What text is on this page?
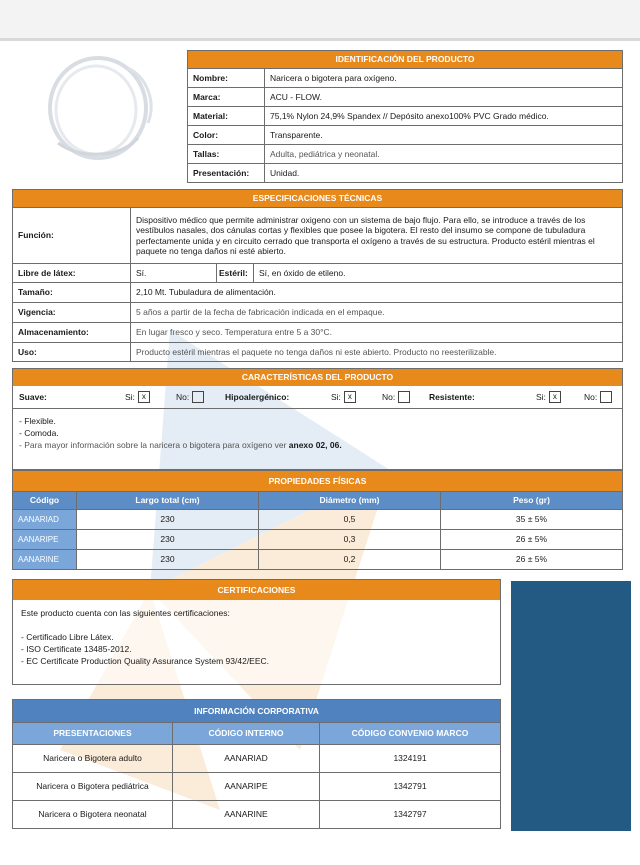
IDENTIFICACIÓN DEL PRODUCTO	
Nombre:	Naricera o bigotera para oxígeno.
Marca:	ACU - FLOW.
Material:	75,1% Nylon 24,9% Spandex // Depósito anexo100% PVC Grado médico.
Color:	Transparente.
Tallas:	Adulta, pediátrica y neonatal.
Presentación:	Unidad.
ESPECIFICACIONES TÉCNICAS			
Función:	Dispositivo médico que permite administrar oxigeno con un sistema de bajo flujo. Para ello, se introduce a través de los vestíbulos nasales, dos cánulas cortas y flexibles que posee la bigotera. El resto del insumo se compone de tubuladura perfectamente unida y en circuito cerrado que transporta el oxígeno a través de su estructura. Producto estéril mientras el paquete no tenga daños ni esté abierto.		
Libre de látex:	Sí.	Estéril:	Sí, en óxido de etileno.
Tamaño:	2,10 Mt. Tubuladura de alimentación.		
Vigencia:	5 años a partir de la fecha de fabricación indicada en el empaque.		
Almacenamiento:	En lugar fresco y seco. Temperatura entre 5 a 30°C.		
Uso:	Producto estéril mientras el paquete no tenga daños ni este abierto. Producto no reesterilizable.		
CARACTERÍSTICAS DEL PRODUCTO
Suave:	Si: x	No:	Hipoalergénico:	Si: x	No:	Resistente:	Si: x	No:
- Flexible.
- Comoda.
- Para mayor información sobre la naricera o bigotera para oxígeno ver anexo 02, 06.
PROPIEDADES FÍSICAS			
Código	Largo total (cm)	Diámetro (mm)	Peso (gr)
AANARIAD	230	0,5	35 ± 5%
AANARIPE	230	0,3	26 ± 5%
AANARINE	230	0,2	26 ± 5%
CERTIFICACIONES
Este producto cuenta con las siguientes certificaciones:
- Certificado Libre Látex.
- ISO Certificate 13485-2012.
- EC Certificate Production Quality Assurance System 93/42/EEC.
INFORMACIÓN CORPORATIVA		
PRESENTACIONES	CÓDIGO INTERNO	CÓDIGO CONVENIO MARCO
Naricera o Bigotera adulto	AANARIAD	1324191
Naricera o Bigotera pediátrica	AANARIPE	1342791
Naricera o Bigotera neonatal	AANARINE	1342797
